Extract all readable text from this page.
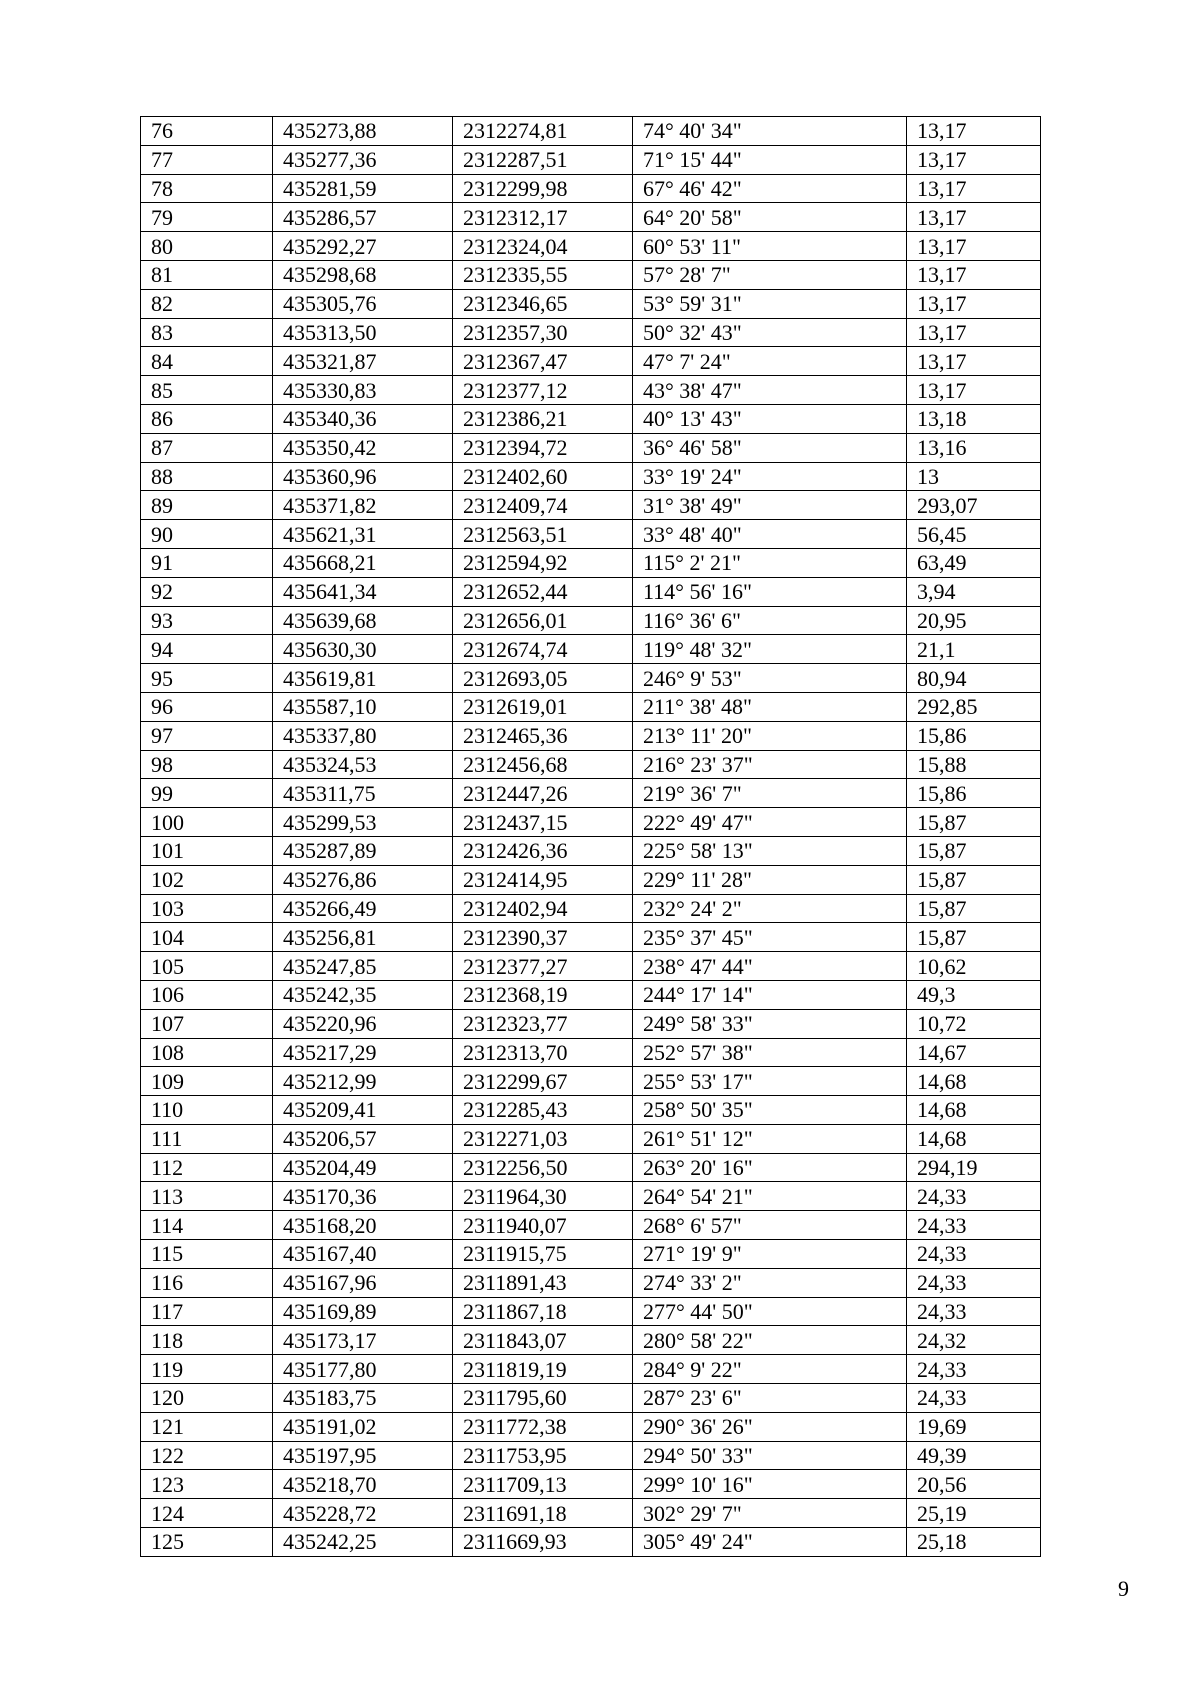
76	435273,88	2312274,81	74° 40' 34"	13,17
77	435277,36	2312287,51	71° 15' 44"	13,17
78	435281,59	2312299,98	67° 46' 42"	13,17
79	435286,57	2312312,17	64° 20' 58"	13,17
80	435292,27	2312324,04	60° 53' 11"	13,17
81	435298,68	2312335,55	57° 28' 7"	13,17
82	435305,76	2312346,65	53° 59' 31"	13,17
83	435313,50	2312357,30	50° 32' 43"	13,17
84	435321,87	2312367,47	47° 7' 24"	13,17
85	435330,83	2312377,12	43° 38' 47"	13,17
86	435340,36	2312386,21	40° 13' 43"	13,18
87	435350,42	2312394,72	36° 46' 58"	13,16
88	435360,96	2312402,60	33° 19' 24"	13
89	435371,82	2312409,74	31° 38' 49"	293,07
90	435621,31	2312563,51	33° 48' 40"	56,45
91	435668,21	2312594,92	115° 2' 21"	63,49
92	435641,34	2312652,44	114° 56' 16"	3,94
93	435639,68	2312656,01	116° 36' 6"	20,95
94	435630,30	2312674,74	119° 48' 32"	21,1
95	435619,81	2312693,05	246° 9' 53"	80,94
96	435587,10	2312619,01	211° 38' 48"	292,85
97	435337,80	2312465,36	213° 11' 20"	15,86
98	435324,53	2312456,68	216° 23' 37"	15,88
99	435311,75	2312447,26	219° 36' 7"	15,86
100	435299,53	2312437,15	222° 49' 47"	15,87
101	435287,89	2312426,36	225° 58' 13"	15,87
102	435276,86	2312414,95	229° 11' 28"	15,87
103	435266,49	2312402,94	232° 24' 2"	15,87
104	435256,81	2312390,37	235° 37' 45"	15,87
105	435247,85	2312377,27	238° 47' 44"	10,62
106	435242,35	2312368,19	244° 17' 14"	49,3
107	435220,96	2312323,77	249° 58' 33"	10,72
108	435217,29	2312313,70	252° 57' 38"	14,67
109	435212,99	2312299,67	255° 53' 17"	14,68
110	435209,41	2312285,43	258° 50' 35"	14,68
111	435206,57	2312271,03	261° 51' 12"	14,68
112	435204,49	2312256,50	263° 20' 16"	294,19
113	435170,36	2311964,30	264° 54' 21"	24,33
114	435168,20	2311940,07	268° 6' 57"	24,33
115	435167,40	2311915,75	271° 19' 9"	24,33
116	435167,96	2311891,43	274° 33' 2"	24,33
117	435169,89	2311867,18	277° 44' 50"	24,33
118	435173,17	2311843,07	280° 58' 22"	24,32
119	435177,80	2311819,19	284° 9' 22"	24,33
120	435183,75	2311795,60	287° 23' 6"	24,33
121	435191,02	2311772,38	290° 36' 26"	19,69
122	435197,95	2311753,95	294° 50' 33"	49,39
123	435218,70	2311709,13	299° 10' 16"	20,56
124	435228,72	2311691,18	302° 29' 7"	25,19
125	435242,25	2311669,93	305° 49' 24"	25,18
9
